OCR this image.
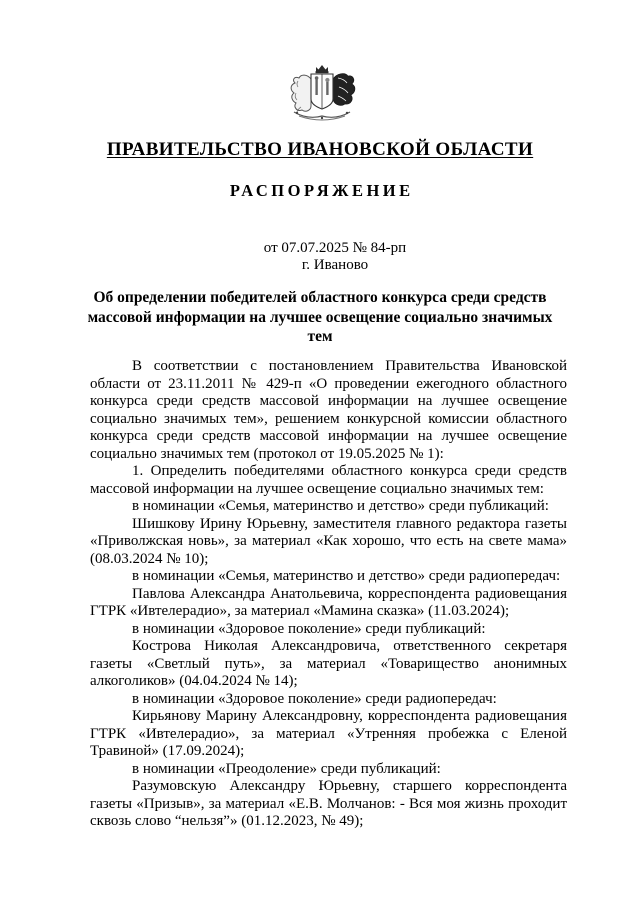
ПРАВИТЕЛЬСТВО ИВАНОВСКОЙ ОБЛАСТИ
РАСПОРЯЖЕНИЕ
от 07.07.2025 № 84-рп
г. Иваново
Об определении победителей областного конкурса среди средств
массовой информации на лучшее освещение социально значимых тем

В соответствии с постановлением Правительства Ивановской области от 23.11.2011 № 429-п «О проведении ежегодного областного конкурса среди средств массовой информации на лучшее освещение социально значимых тем», решением конкурсной комиссии областного конкурса среди средств массовой информации на лучшее освещение социально значимых тем (протокол от 19.05.2025 № 1):

1. Определить победителями областного конкурса среди средств массовой информации на лучшее освещение социально значимых тем:

в номинации «Семья, материнство и детство» среди публикаций:

Шишкову Ирину Юрьевну, заместителя главного редактора газеты «Приволжская новь», за материал «Как хорошо, что есть на свете мама» (08.03.2024 № 10);

в номинации «Семья, материнство и детство» среди радиопередач:

Павлова Александра Анатольевича, корреспондента радиовещания ГТРК «Ивтелерадио», за материал «Мамина сказка» (11.03.2024);

в номинации «Здоровое поколение» среди публикаций:

Кострова Николая Александровича, ответственного секретаря газеты «Светлый путь», за материал «Товарищество анонимных алкоголиков» (04.04.2024 № 14);

в номинации «Здоровое поколение» среди радиопередач:

Кирьянову Марину Александровну, корреспондента радиовещания ГТРК «Ивтелерадио», за материал «Утренняя пробежка с Еленой Травиной» (17.09.2024);

в номинации «Преодоление» среди публикаций:

Разумовскую Александру Юрьевну, старшего корреспондента газеты «Призыв», за материал «Е.В. Молчанов: - Вся моя жизнь проходит сквозь слово “нельзя”» (01.12.2023, № 49);
